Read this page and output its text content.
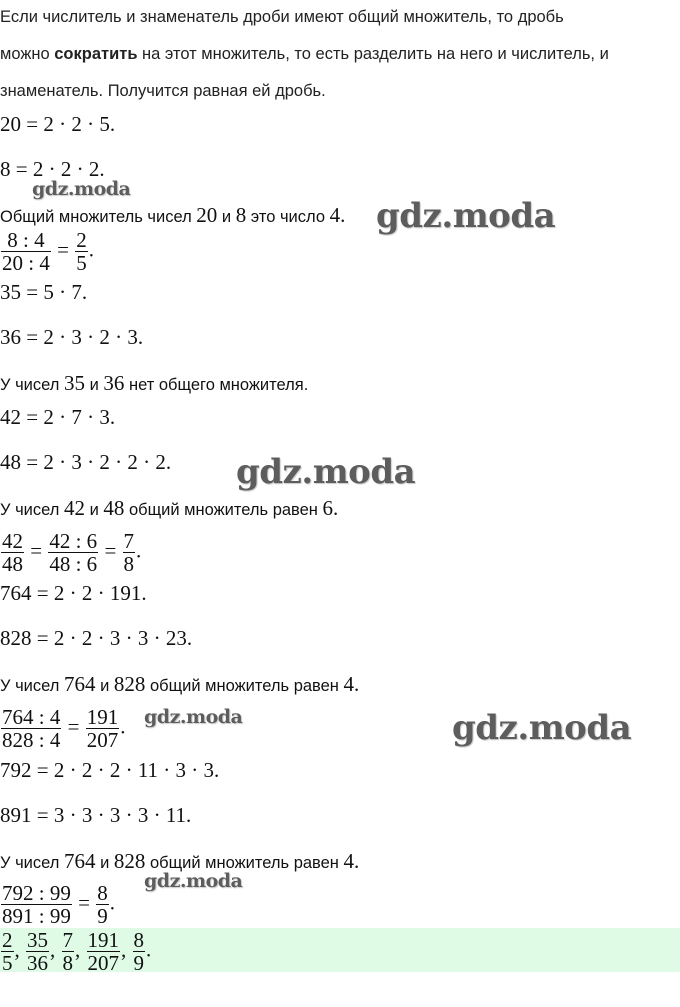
Если числитель и знаменатель дроби имеют общий множитель, то дробь
можно сократить на этот множитель, то есть разделить на него и числитель, и
знаменатель. Получится равная ей дробь.
20 = 2 · 2 · 5.
8 = 2 · 2 · 2.
Общий множитель чисел 20 и 8 это число 4.
$\frac{8 : 4}{20 : 4} = \frac{2}{5}$ .
35 = 5 · 7.
36 = 2 · 3 · 2 · 3.
У чисел 35 и 36 нет общего множителя.
42 = 2 · 7 · 3.
48 = 2 · 3 · 2 · 2 · 2.
У чисел 42 и 48 общий множитель равен 6.
$\frac{42}{48} = \frac{42 : 6}{48 : 6} = \frac{7}{8}$ .
764 = 2 · 2 · 191.
828 = 2 · 2 · 3 · 3 · 23.
У чисел 764 и 828 общий множитель равен 4.
$\frac{764 : 4}{828 : 4} = \frac{191}{207}$ .
792 = 2 · 2 · 2 · 11 · 3 · 3.
891 = 3 · 3 · 3 · 3 · 11.
У чисел 764 и 828 общий множитель равен 4.
$\frac{792 : 99}{891 : 99} = \frac{8}{9}$ .
$\frac{2}{5}$ , $\frac{35}{36}$ , $\frac{7}{8}$ , $\frac{191}{207}$ , $\frac{8}{9}$ .
gdz.moda
gdz.moda
gdz.moda
gdz.moda	gdz.moda
gdz.moda
